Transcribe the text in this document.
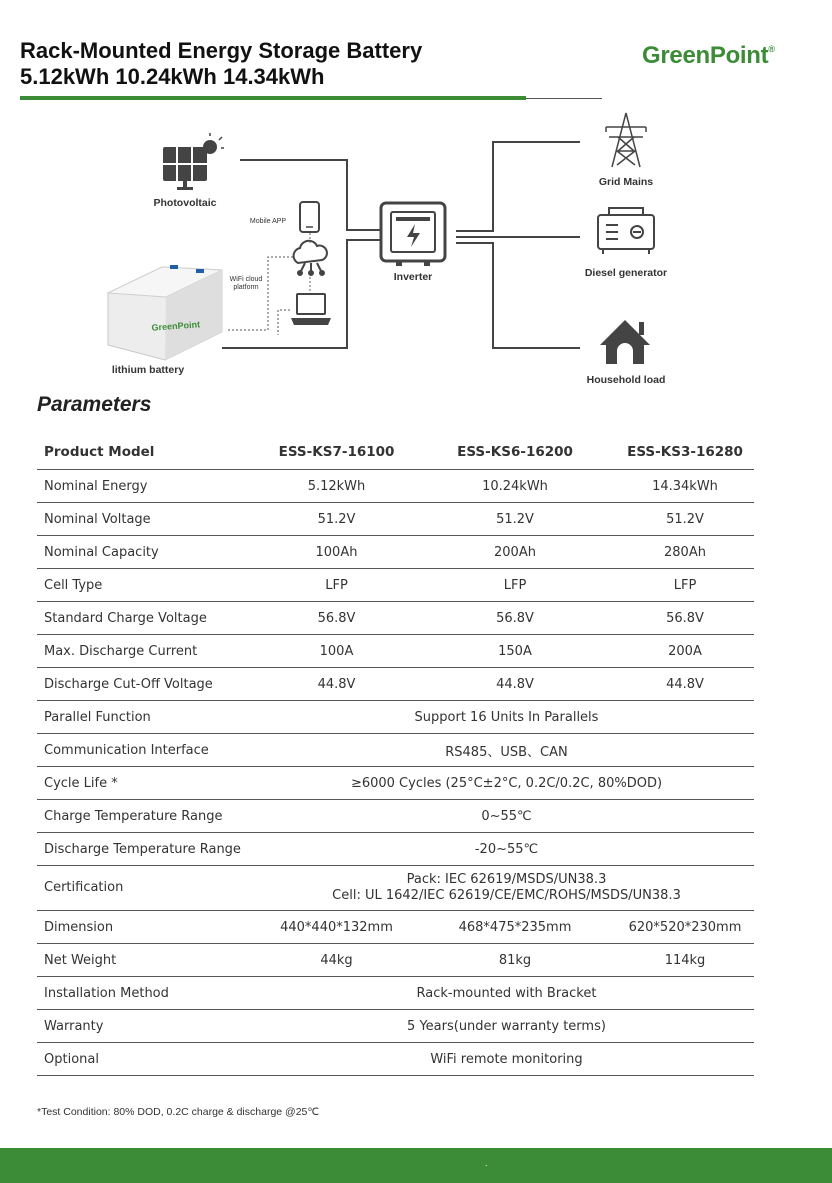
Rack-Mounted Energy Storage Battery
5.12kWh 10.24kWh 14.34kWh
GreenPoint®
Photovoltaic
Mobile APP
WiFi cloud
platform
GreenPoint
lithium battery
Inverter
Grid Mains
Diesel generator
Household load
Parameters
Product Model	ESS-KS7-16100	ESS-KS6-16200	ESS-KS3-16280
Nominal Energy	5.12kWh	10.24kWh	14.34kWh
Nominal Voltage	51.2V	51.2V	51.2V
Nominal Capacity	100Ah	200Ah	280Ah
Cell Type	LFP	LFP	LFP
Standard Charge Voltage	56.8V	56.8V	56.8V
Max. Discharge Current	100A	150A	200A
Discharge Cut-Off Voltage	44.8V	44.8V	44.8V
Parallel Function	Support 16 Units In Parallels		
Communication Interface	RS485、USB、CAN		
Cycle Life *	≥6000 Cycles (25°C±2°C, 0.2C/0.2C, 80%DOD)		
Charge Temperature Range	0~55℃		
Discharge Temperature Range	-20~55℃		
Certification	Pack: IEC 62619/MSDS/UN38.3
Cell: UL 1642/IEC 62619/CE/EMC/ROHS/MSDS/UN38.3		
Dimension	440*440*132mm	468*475*235mm	620*520*230mm
Net Weight	44kg	81kg	114kg
Installation Method	Rack-mounted with Bracket		
Warranty	5 Years(under warranty terms)		
Optional	WiFi remote monitoring		

*Test Condition: 80% DOD, 0.2C charge & discharge @25℃

.
